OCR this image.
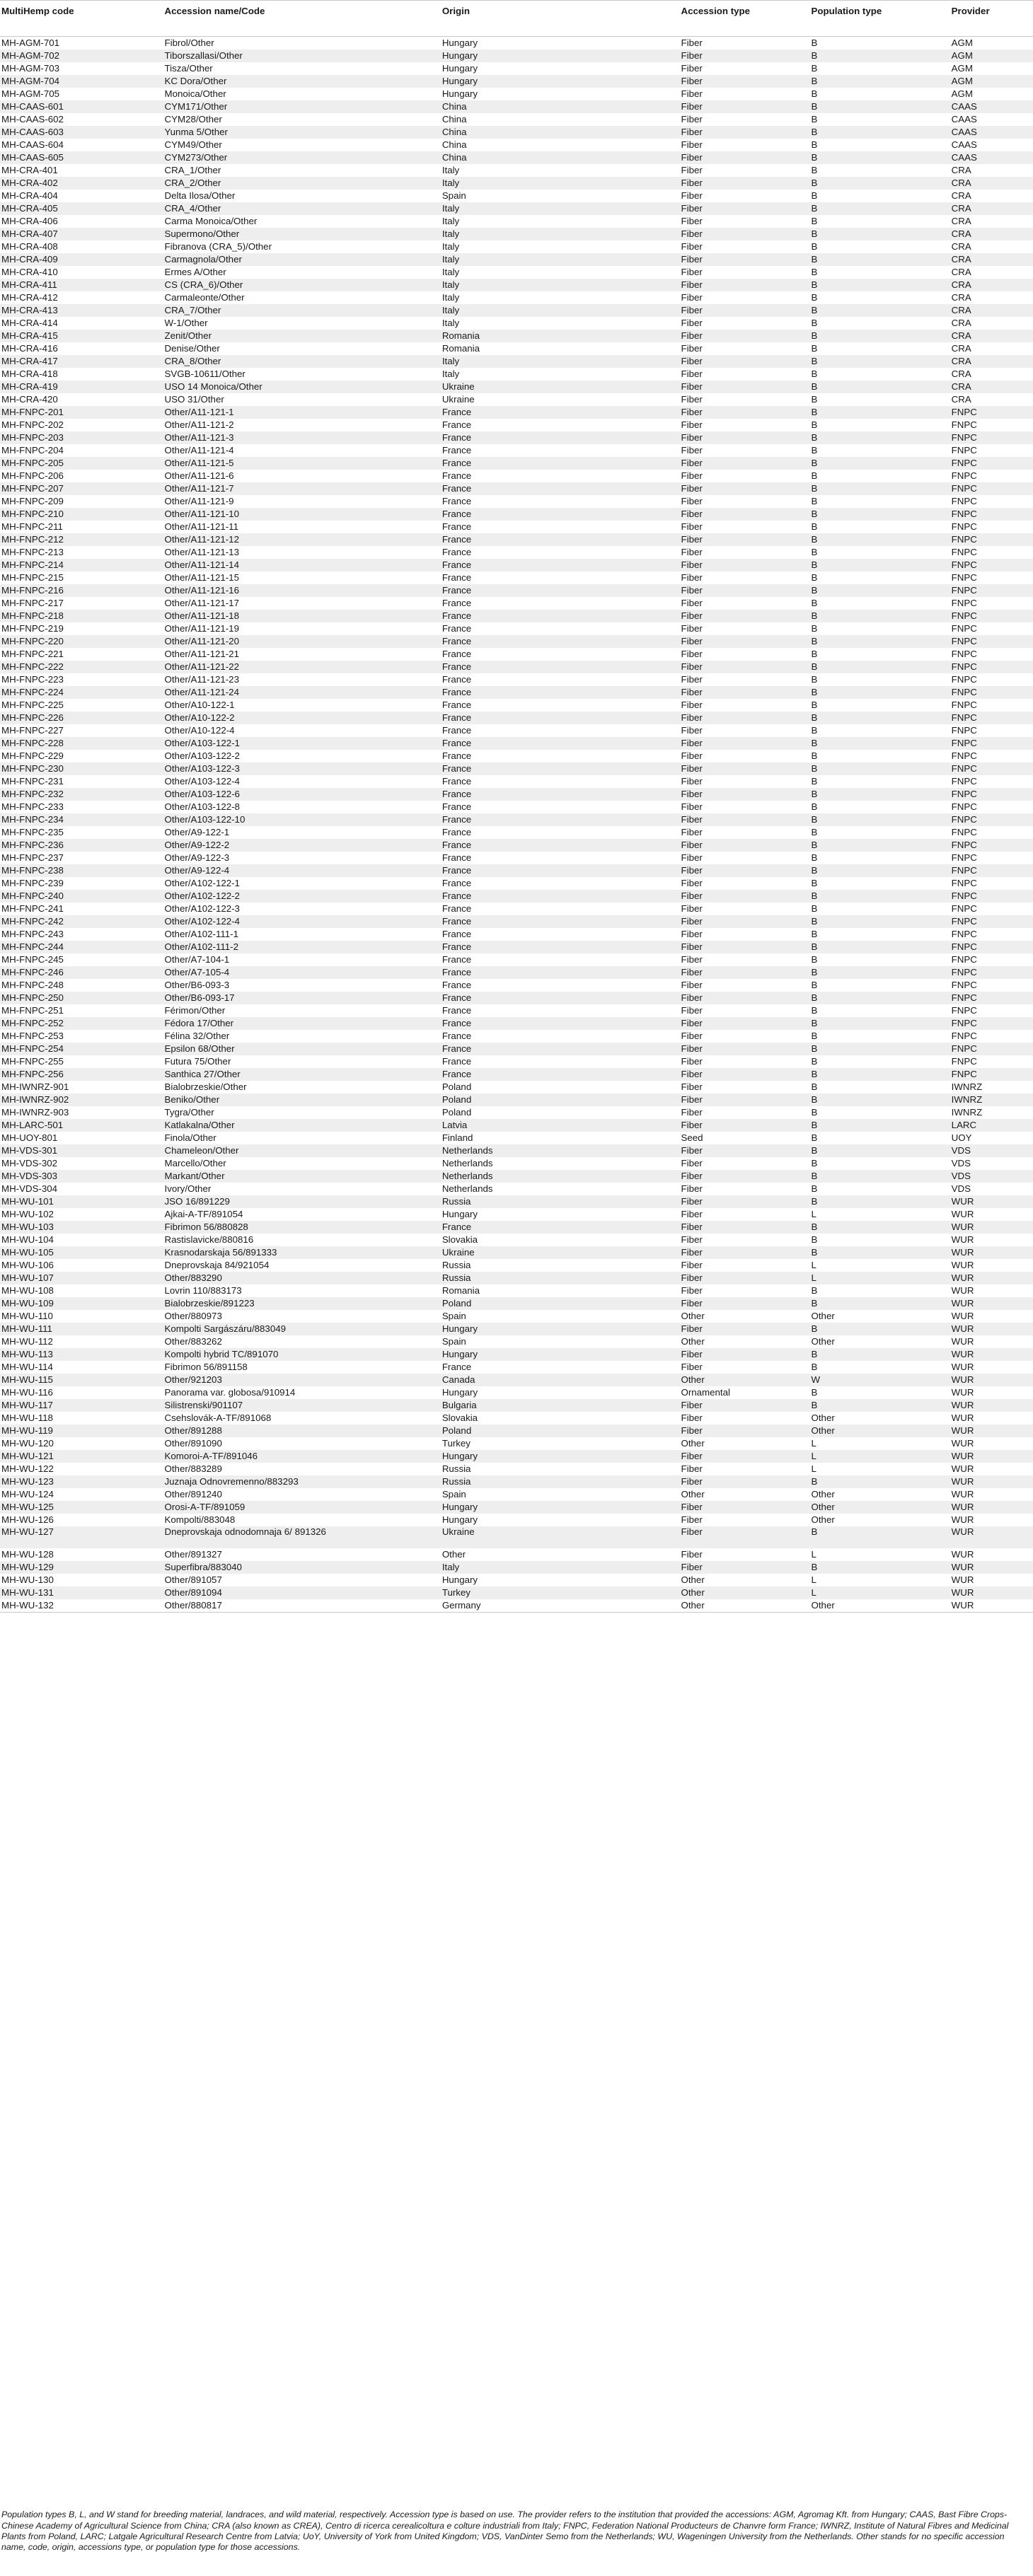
MultiHemp code	Accession name/Code	Origin	Accession type	Population type	Provider
MH-AGM-701	Fibrol/Other	Hungary	Fiber	B	AGM
MH-AGM-702	Tiborszallasi/Other	Hungary	Fiber	B	AGM
MH-AGM-703	Tisza/Other	Hungary	Fiber	B	AGM
MH-AGM-704	KC Dora/Other	Hungary	Fiber	B	AGM
MH-AGM-705	Monoica/Other	Hungary	Fiber	B	AGM
MH-CAAS-601	CYM171/Other	China	Fiber	B	CAAS
MH-CAAS-602	CYM28/Other	China	Fiber	B	CAAS
MH-CAAS-603	Yunma 5/Other	China	Fiber	B	CAAS
MH-CAAS-604	CYM49/Other	China	Fiber	B	CAAS
MH-CAAS-605	CYM273/Other	China	Fiber	B	CAAS
MH-CRA-401	CRA_1/Other	Italy	Fiber	B	CRA
MH-CRA-402	CRA_2/Other	Italy	Fiber	B	CRA
MH-CRA-404	Delta Ilosa/Other	Spain	Fiber	B	CRA
MH-CRA-405	CRA_4/Other	Italy	Fiber	B	CRA
MH-CRA-406	Carma Monoica/Other	Italy	Fiber	B	CRA
MH-CRA-407	Supermono/Other	Italy	Fiber	B	CRA
MH-CRA-408	Fibranova (CRA_5)/Other	Italy	Fiber	B	CRA
MH-CRA-409	Carmagnola/Other	Italy	Fiber	B	CRA
MH-CRA-410	Ermes A/Other	Italy	Fiber	B	CRA
MH-CRA-411	CS (CRA_6)/Other	Italy	Fiber	B	CRA
MH-CRA-412	Carmaleonte/Other	Italy	Fiber	B	CRA
MH-CRA-413	CRA_7/Other	Italy	Fiber	B	CRA
MH-CRA-414	W-1/Other	Italy	Fiber	B	CRA
MH-CRA-415	Zenit/Other	Romania	Fiber	B	CRA
MH-CRA-416	Denise/Other	Romania	Fiber	B	CRA
MH-CRA-417	CRA_8/Other	Italy	Fiber	B	CRA
MH-CRA-418	SVGB-10611/Other	Italy	Fiber	B	CRA
MH-CRA-419	USO 14 Monoica/Other	Ukraine	Fiber	B	CRA
MH-CRA-420	USO 31/Other	Ukraine	Fiber	B	CRA
MH-FNPC-201	Other/A11-121-1	France	Fiber	B	FNPC
MH-FNPC-202	Other/A11-121-2	France	Fiber	B	FNPC
MH-FNPC-203	Other/A11-121-3	France	Fiber	B	FNPC
MH-FNPC-204	Other/A11-121-4	France	Fiber	B	FNPC
MH-FNPC-205	Other/A11-121-5	France	Fiber	B	FNPC
MH-FNPC-206	Other/A11-121-6	France	Fiber	B	FNPC
MH-FNPC-207	Other/A11-121-7	France	Fiber	B	FNPC
MH-FNPC-209	Other/A11-121-9	France	Fiber	B	FNPC
MH-FNPC-210	Other/A11-121-10	France	Fiber	B	FNPC
MH-FNPC-211	Other/A11-121-11	France	Fiber	B	FNPC
MH-FNPC-212	Other/A11-121-12	France	Fiber	B	FNPC
MH-FNPC-213	Other/A11-121-13	France	Fiber	B	FNPC
MH-FNPC-214	Other/A11-121-14	France	Fiber	B	FNPC
MH-FNPC-215	Other/A11-121-15	France	Fiber	B	FNPC
MH-FNPC-216	Other/A11-121-16	France	Fiber	B	FNPC
MH-FNPC-217	Other/A11-121-17	France	Fiber	B	FNPC
MH-FNPC-218	Other/A11-121-18	France	Fiber	B	FNPC
MH-FNPC-219	Other/A11-121-19	France	Fiber	B	FNPC
MH-FNPC-220	Other/A11-121-20	France	Fiber	B	FNPC
MH-FNPC-221	Other/A11-121-21	France	Fiber	B	FNPC
MH-FNPC-222	Other/A11-121-22	France	Fiber	B	FNPC
MH-FNPC-223	Other/A11-121-23	France	Fiber	B	FNPC
MH-FNPC-224	Other/A11-121-24	France	Fiber	B	FNPC
MH-FNPC-225	Other/A10-122-1	France	Fiber	B	FNPC
MH-FNPC-226	Other/A10-122-2	France	Fiber	B	FNPC
MH-FNPC-227	Other/A10-122-4	France	Fiber	B	FNPC
MH-FNPC-228	Other/A103-122-1	France	Fiber	B	FNPC
MH-FNPC-229	Other/A103-122-2	France	Fiber	B	FNPC
MH-FNPC-230	Other/A103-122-3	France	Fiber	B	FNPC
MH-FNPC-231	Other/A103-122-4	France	Fiber	B	FNPC
MH-FNPC-232	Other/A103-122-6	France	Fiber	B	FNPC
MH-FNPC-233	Other/A103-122-8	France	Fiber	B	FNPC
MH-FNPC-234	Other/A103-122-10	France	Fiber	B	FNPC
MH-FNPC-235	Other/A9-122-1	France	Fiber	B	FNPC
MH-FNPC-236	Other/A9-122-2	France	Fiber	B	FNPC
MH-FNPC-237	Other/A9-122-3	France	Fiber	B	FNPC
MH-FNPC-238	Other/A9-122-4	France	Fiber	B	FNPC
MH-FNPC-239	Other/A102-122-1	France	Fiber	B	FNPC
MH-FNPC-240	Other/A102-122-2	France	Fiber	B	FNPC
MH-FNPC-241	Other/A102-122-3	France	Fiber	B	FNPC
MH-FNPC-242	Other/A102-122-4	France	Fiber	B	FNPC
MH-FNPC-243	Other/A102-111-1	France	Fiber	B	FNPC
MH-FNPC-244	Other/A102-111-2	France	Fiber	B	FNPC
MH-FNPC-245	Other/A7-104-1	France	Fiber	B	FNPC
MH-FNPC-246	Other/A7-105-4	France	Fiber	B	FNPC
MH-FNPC-248	Other/B6-093-3	France	Fiber	B	FNPC
MH-FNPC-250	Other/B6-093-17	France	Fiber	B	FNPC
MH-FNPC-251	Férimon/Other	France	Fiber	B	FNPC
MH-FNPC-252	Fédora 17/Other	France	Fiber	B	FNPC
MH-FNPC-253	Félina 32/Other	France	Fiber	B	FNPC
MH-FNPC-254	Epsilon 68/Other	France	Fiber	B	FNPC
MH-FNPC-255	Futura 75/Other	France	Fiber	B	FNPC
MH-FNPC-256	Santhica 27/Other	France	Fiber	B	FNPC
MH-IWNRZ-901	Bialobrzeskie/Other	Poland	Fiber	B	IWNRZ
MH-IWNRZ-902	Beniko/Other	Poland	Fiber	B	IWNRZ
MH-IWNRZ-903	Tygra/Other	Poland	Fiber	B	IWNRZ
MH-LARC-501	Katlakalna/Other	Latvia	Fiber	B	LARC
MH-UOY-801	Finola/Other	Finland	Seed	B	UOY
MH-VDS-301	Chameleon/Other	Netherlands	Fiber	B	VDS
MH-VDS-302	Marcello/Other	Netherlands	Fiber	B	VDS
MH-VDS-303	Markant/Other	Netherlands	Fiber	B	VDS
MH-VDS-304	Ivory/Other	Netherlands	Fiber	B	VDS
MH-WU-101	JSO 16/891229	Russia	Fiber	B	WUR
MH-WU-102	Ajkai-A-TF/891054	Hungary	Fiber	L	WUR
MH-WU-103	Fibrimon 56/880828	France	Fiber	B	WUR
MH-WU-104	Rastislavicke/880816	Slovakia	Fiber	B	WUR
MH-WU-105	Krasnodarskaja 56/891333	Ukraine	Fiber	B	WUR
MH-WU-106	Dneprovskaja 84/921054	Russia	Fiber	L	WUR
MH-WU-107	Other/883290	Russia	Fiber	L	WUR
MH-WU-108	Lovrin 110/883173	Romania	Fiber	B	WUR
MH-WU-109	Bialobrzeskie/891223	Poland	Fiber	B	WUR
MH-WU-110	Other/880973	Spain	Other	Other	WUR
MH-WU-111	Kompolti Sargászáru/883049	Hungary	Fiber	B	WUR
MH-WU-112	Other/883262	Spain	Other	Other	WUR
MH-WU-113	Kompolti hybrid TC/891070	Hungary	Fiber	B	WUR
MH-WU-114	Fibrimon 56/891158	France	Fiber	B	WUR
MH-WU-115	Other/921203	Canada	Other	W	WUR
MH-WU-116	Panorama var. globosa/910914	Hungary	Ornamental	B	WUR
MH-WU-117	Silistrenski/901107	Bulgaria	Fiber	B	WUR
MH-WU-118	Csehslovák-A-TF/891068	Slovakia	Fiber	Other	WUR
MH-WU-119	Other/891288	Poland	Fiber	Other	WUR
MH-WU-120	Other/891090	Turkey	Other	L	WUR
MH-WU-121	Komoroi-A-TF/891046	Hungary	Fiber	L	WUR
MH-WU-122	Other/883289	Russia	Fiber	L	WUR
MH-WU-123	Juznaja Odnovremenno/883293	Russia	Fiber	B	WUR
MH-WU-124	Other/891240	Spain	Other	Other	WUR
MH-WU-125	Orosi-A-TF/891059	Hungary	Fiber	Other	WUR
MH-WU-126	Kompolti/883048	Hungary	Fiber	Other	WUR
MH-WU-127	Dneprovskaja odnodomnaja 6/ 891326	Ukraine	Fiber	B	WUR
MH-WU-128	Other/891327	Other	Fiber	L	WUR
MH-WU-129	Superfibra/883040	Italy	Fiber	B	WUR
MH-WU-130	Other/891057	Hungary	Other	L	WUR
MH-WU-131	Other/891094	Turkey	Other	L	WUR
MH-WU-132	Other/880817	Germany	Other	Other	WUR

Population types B, L, and W stand for breeding material, landraces, and wild material, respectively. Accession type is based on use. The provider refers to the institution that provided the accessions: AGM, Agromag Kft. from Hungary; CAAS, Bast Fibre Crops-Chinese Academy of Agricultural Science from China; CRA (also known as CREA), Centro di ricerca cerealicoltura e colture industriali from Italy; FNPC, Federation National Producteurs de Chanvre form France; IWNRZ, Institute of Natural Fibres and Medicinal Plants from Poland, LARC; Latgale Agricultural Research Centre from Latvia; UoY, University of York from United Kingdom; VDS, VanDinter Semo from the Netherlands; WU, Wageningen University from the Netherlands. Other stands for no specific accession name, code, origin, accessions type, or population type for those accessions.
